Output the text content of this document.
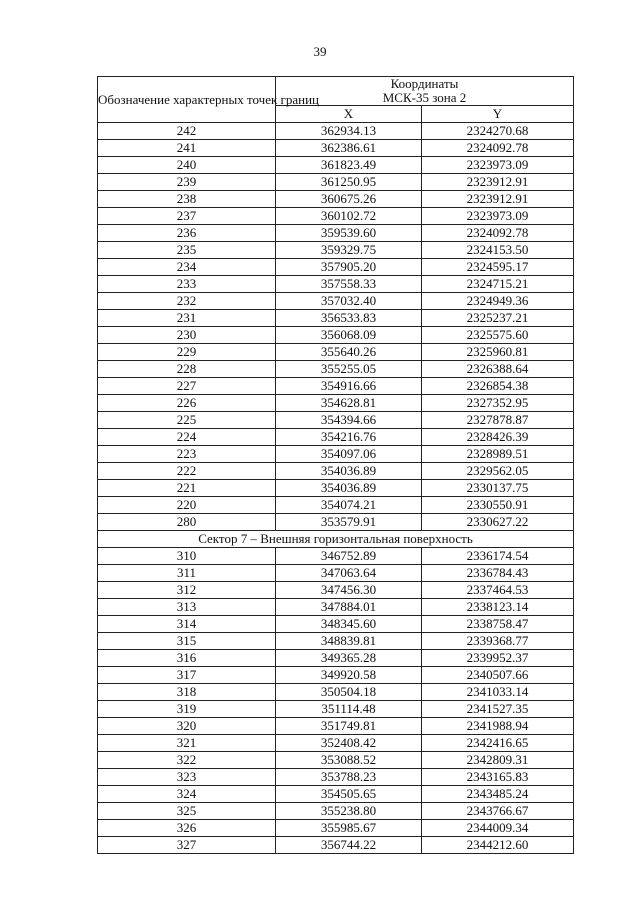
39
Обозначение характерных точек границ	Координаты
МСК-35 зона 2	
	X	Y
242	362934.13	2324270.68
241	362386.61	2324092.78
240	361823.49	2323973.09
239	361250.95	2323912.91
238	360675.26	2323912.91
237	360102.72	2323973.09
236	359539.60	2324092.78
235	359329.75	2324153.50
234	357905.20	2324595.17
233	357558.33	2324715.21
232	357032.40	2324949.36
231	356533.83	2325237.21
230	356068.09	2325575.60
229	355640.26	2325960.81
228	355255.05	2326388.64
227	354916.66	2326854.38
226	354628.81	2327352.95
225	354394.66	2327878.87
224	354216.76	2328426.39
223	354097.06	2328989.51
222	354036.89	2329562.05
221	354036.89	2330137.75
220	354074.21	2330550.91
280	353579.91	2330627.22
Сектор 7 – Внешняя горизонтальная поверхность		
310	346752.89	2336174.54
311	347063.64	2336784.43
312	347456.30	2337464.53
313	347884.01	2338123.14
314	348345.60	2338758.47
315	348839.81	2339368.77
316	349365.28	2339952.37
317	349920.58	2340507.66
318	350504.18	2341033.14
319	351114.48	2341527.35
320	351749.81	2341988.94
321	352408.42	2342416.65
322	353088.52	2342809.31
323	353788.23	2343165.83
324	354505.65	2343485.24
325	355238.80	2343766.67
326	355985.67	2344009.34
327	356744.22	2344212.60
